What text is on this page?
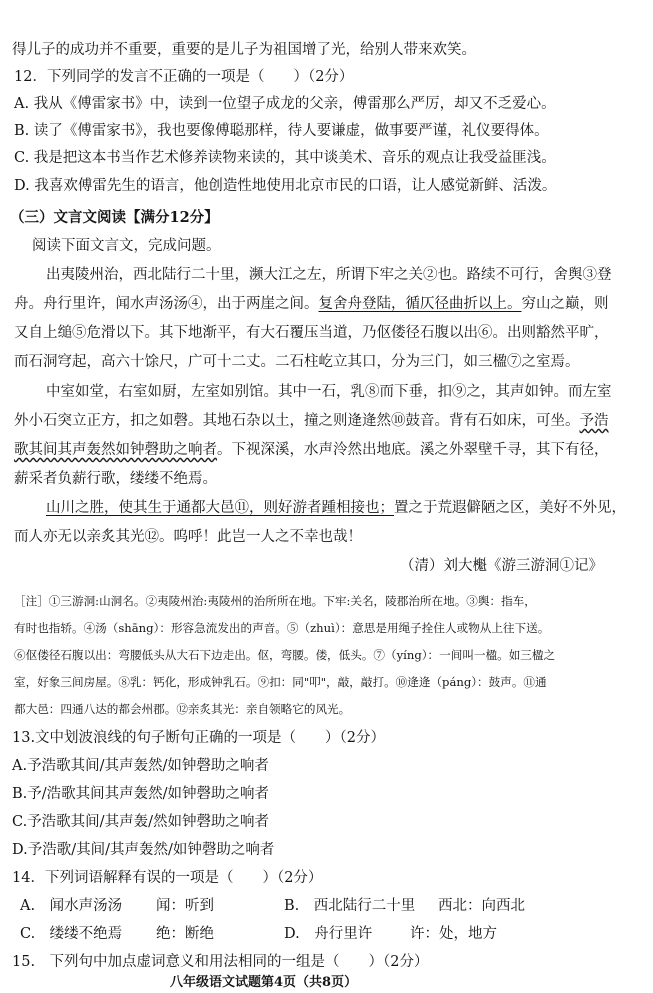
得儿子的成功并不重要，重要的是儿子为祖国增了光，给别人带来欢笑。
12．下列同学的发言不正确的一项是（　　）（2分）
A. 我从《傅雷家书》中，读到一位望子成龙的父亲，傅雷那么严厉，却又不乏爱心。
B. 读了《傅雷家书》，我也要像傅聪那样，待人要谦虚，做事要严谨，礼仪要得体。
C. 我是把这本书当作艺术修养读物来读的，其中谈美术、音乐的观点让我受益匪浅。
D. 我喜欢傅雷先生的语言，他创造性地使用北京市民的口语，让人感觉新鲜、活泼。
（三）文言文阅读【满分12分】
阅读下面文言文，完成问题。
出夷陵州治，西北陆行二十里，濒大江之左，所谓下牢之关②也。路续不可行，舍舆③登
舟。舟行里许，闻水声汤汤④，出于两崖之间。复舍舟登陆，循仄径曲折以上。穷山之巅，则
又自上缒⑤危滑以下。其下地渐平，有大石覆压当道，乃伛偻径石腹以出⑥。出则豁然平旷，
而石洞穹起，高六十馀尺，广可十二丈。二石柱屹立其口，分为三门，如三楹⑦之室焉。
中室如堂，右室如厨，左室如别馆。其中一石，乳⑧而下垂，扣⑨之，其声如钟。而左室
外小石突立正方，扣之如磬。其地石杂以土，撞之则逄逄然⑩鼓音。背有石如床，可坐。予浩
歌其间其声轰然如钟磬助之响者。下视深溪，水声泠然出地底。溪之外翠壁千寻，其下有径，
薪采者负薪行歌，缕缕不绝焉。
山川之胜，使其生于通都大邑⑪，则好游者踵相接也；置之于荒遐僻陋之区，美好不外见，
而人亦无以亲炙其光⑫。呜呼！此岂一人之不幸也哉！
（清）刘大櫆《游三游洞①记》
［注］①三游洞:山洞名。②夷陵州治:夷陵州的治所所在地。下牢:关名，陵郡治所在地。③舆：指车，
有时也指轿。④汤（shāng）：形容急流发出的声音。⑤（zhuì）：意思是用绳子拴住人或物从上往下送。
⑥伛偻径石腹以出：弯腰低头从大石下边走出。伛，弯腰。偻，低头。⑦（yíng）：一间叫一楹。如三楹之
室，好象三间房屋。⑧乳：钙化，形成钟乳石。⑨扣：同"叩"，敲，敲打。⑩逄逄（páng）：鼓声。⑪通
都大邑：四通八达的都会州郡。⑫亲炙其光：亲自领略它的风光。
13.文中划波浪线的句子断句正确的一项是（　　）（2分）
A.予浩歌其间/其声轰然/如钟磬助之响者
B.予/浩歌其间其声轰然/如钟磬助之响者
C.予浩歌其间/其声轰/然如钟磬助之响者
D.予浩歌/其间/其声轰然/如钟磬助之响者
14．下列词语解释有误的一项是（　　）（2分）
A.　闻水声汤汤 闻：听到	B.　西北陆行二十里 西北：向西北
C.　缕缕不绝焉 绝：断绝	D.　舟行里许	许：处，地方
15.　下列句中加点虚词意义和用法相同的一组是（　　）（2分）
八年级语文试题第4页（共8页）
